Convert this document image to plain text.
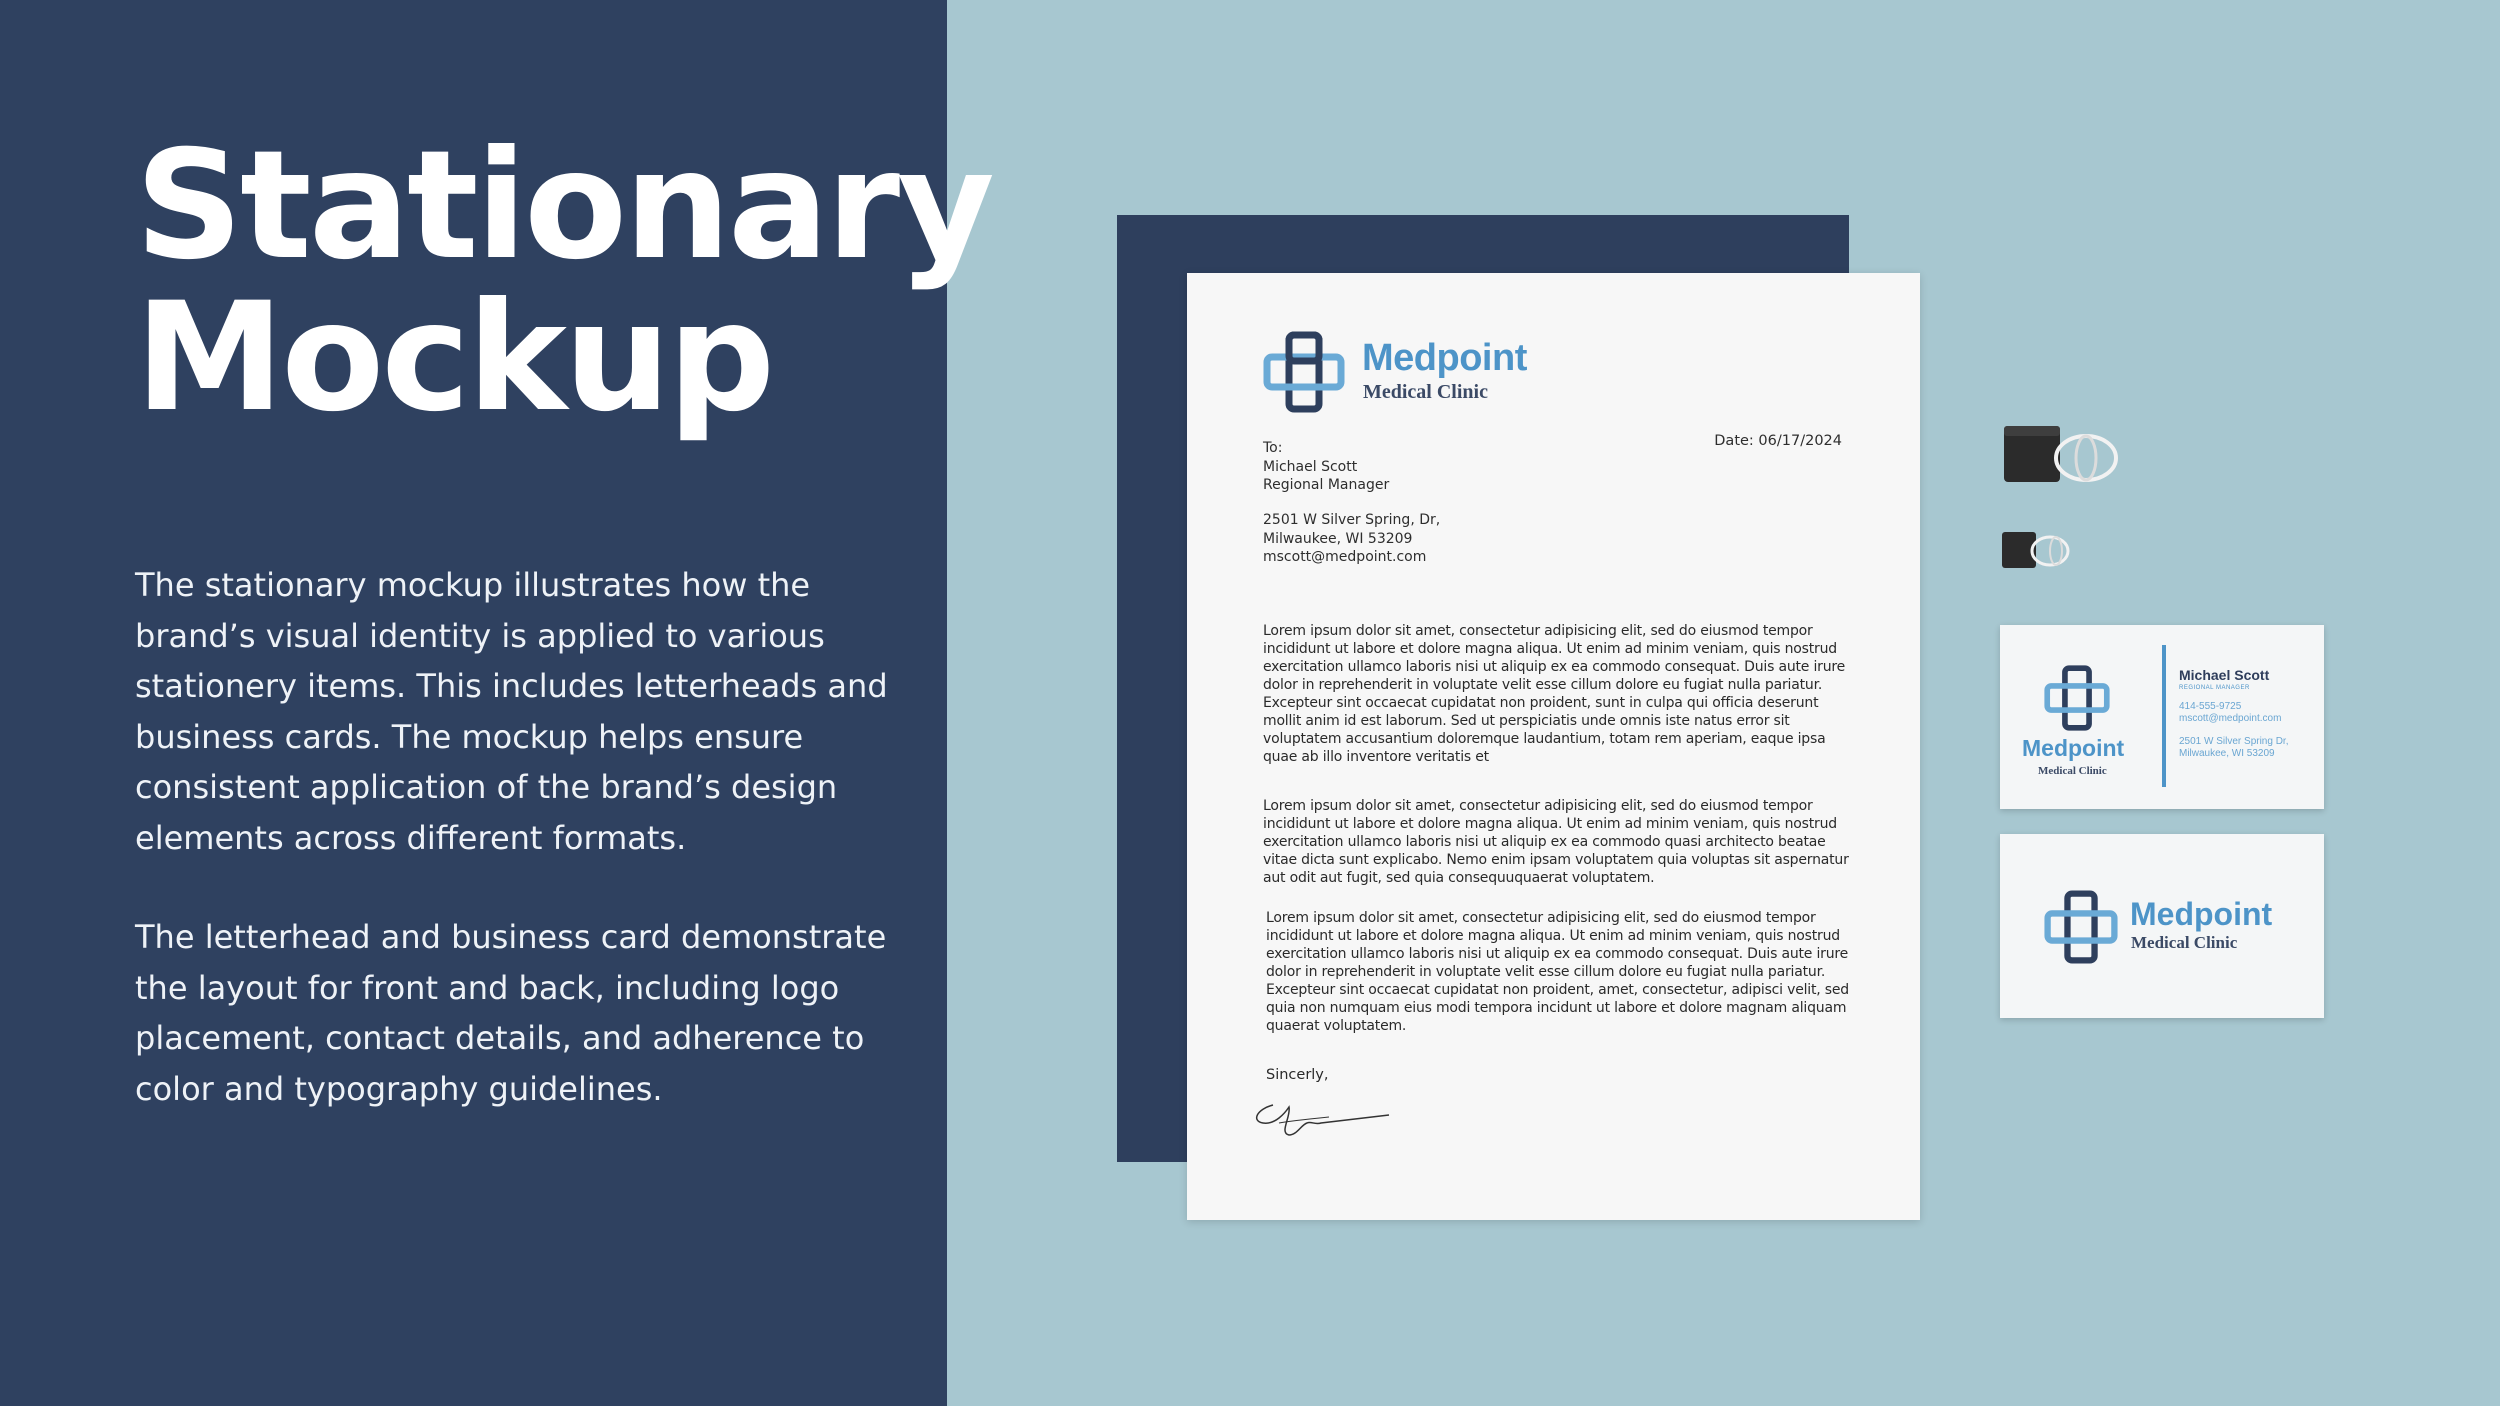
Stationary
Mockup

The stationary mockup illustrates how the brand’s visual identity is applied to various stationery items. This includes letterheads and business cards. The mockup helps ensure consistent application of the brand’s design elements across different formats.

The letterhead and business card demonstrate the layout for front and back, including logo placement, contact details, and adherence to color and typography guidelines.

Medpoint
Medical Clinic
Date: 06/17/2024
To:
Michael Scott
Regional Manager
2501 W Silver Spring, Dr,
Milwaukee, WI 53209
mscott@medpoint.com

Lorem ipsum dolor sit amet, consectetur adipisicing elit, sed do eiusmod tempor incididunt ut labore et dolore magna aliqua. Ut enim ad minim veniam, quis nostrud exercitation ullamco laboris nisi ut aliquip ex ea commodo consequat. Duis aute irure dolor in reprehenderit in voluptate velit esse cillum dolore eu fugiat nulla pariatur. Excepteur sint occaecat cupidatat non proident, sunt in culpa qui officia deserunt mollit anim id est laborum. Sed ut perspiciatis unde omnis iste natus error sit voluptatem accusantium doloremque laudantium, totam rem aperiam, eaque ipsa quae ab illo inventore veritatis et

Lorem ipsum dolor sit amet, consectetur adipisicing elit, sed do eiusmod tempor incididunt ut labore et dolore magna aliqua. Ut enim ad minim veniam, quis nostrud exercitation ullamco laboris nisi ut aliquip ex ea commodo quasi architecto beatae vitae dicta sunt explicabo. Nemo enim ipsam voluptatem quia voluptas sit aspernatur aut odit aut fugit, sed quia consequuquaerat voluptatem.

Lorem ipsum dolor sit amet, consectetur adipisicing elit, sed do eiusmod tempor incididunt ut labore et dolore magna aliqua. Ut enim ad minim veniam, quis nostrud exercitation ullamco laboris nisi ut aliquip ex ea commodo consequat. Duis aute irure dolor in reprehenderit in voluptate velit esse cillum dolore eu fugiat nulla pariatur. Excepteur sint occaecat cupidatat non proident, amet, consectetur, adipisci velit, sed quia non numquam eius modi tempora incidunt ut labore et dolore magnam aliquam quaerat voluptatem.

Sincerly,
Medpoint
Medical Clinic
Michael Scott
REGIONAL MANAGER
414-555-9725
mscott@medpoint.com
2501 W Silver Spring Dr,
Milwaukee, WI 53209
Medpoint
Medical Clinic
